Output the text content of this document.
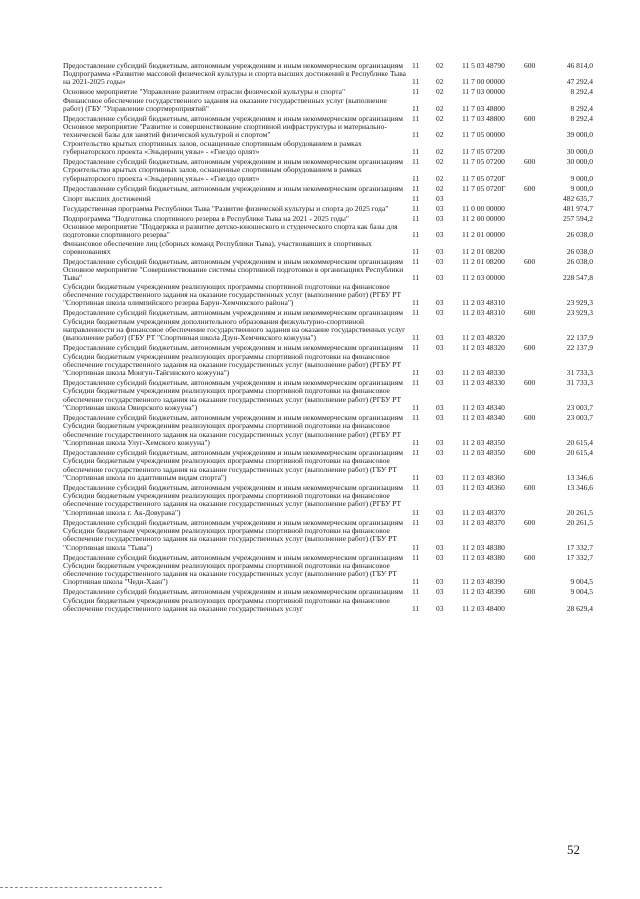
Предоставление субсидий бюджетным, автономным учреждениям и иным некоммерческим организациям	11	02	11 5 03 48790	600	46 814,0
Подпрограмма «Развитие массовой физической культуры и спорта высших достижений в Республике Тыва на 2021-2025 годы»	11	02	11 7 00 00000		47 292,4
Основное мероприятие "Управление развитием отрасли физической культуры и спорта"	11	02	11 7 03 00000		8 292,4
Финансовое обеспечение государственного задания на оказание государственных услуг (выполнение работ) (ГБУ "Управление спортмероприятий"	11	02	11 7 03 48800		8 292,4
Предоставление субсидий бюджетным, автономным учреждениям и иным некоммерческим организациям	11	02	11 7 03 48800	600	8 292,4
Основное мероприятие "Развитие и совершенствование спортивной инфраструктуры и материально-технической базы для занятий физической культурой и спортом"	11	02	11 7 05 00000		39 000,0
Строительство крытых спортивных залов, оснащенные спортивным оборудованием в рамках губернаторского проекта «Эньдерниң уязы» - «Гнездо орлят»	11	02	11 7 05 07200		30 000,0
Предоставление субсидий бюджетным, автономным учреждениям и иным некоммерческим организациям	11	02	11 7 05 07200	600	30 000,0
Строительство крытых спортивных залов, оснащенные спортивным оборудованием в рамках губернаторского проекта «Эньдерниң уязы» - «Гнездо орлят»	11	02	11 7 05 0720Г		9 000,0
Предоставление субсидий бюджетным, автономным учреждениям и иным некоммерческим организациям	11	02	11 7 05 0720Г	600	9 000,0
Спорт высших достижений	11	03			482 635,7
Государственная программа Республики Тыва "Развитие физической культуры и спорта до 2025 года"	11	03	11 0 00 00000		481 974,7
Подпрограмма "Подготовка спортивного резерва в Республике Тыва на 2021 - 2025 годы"	11	03	11 2 00 00000		257 594,2
Основное мероприятие "Поддержка и развитие детско-юношеского и студенческого спорта как базы для подготовки спортивного резерва"	11	03	11 2 01 00000		26 038,0
Финансовое обеспечение лиц (сборных команд Республики Тыва), участвовавших в спортивных соревнованиях	11	03	11 2 01 08200		26 038,0
Предоставление субсидий бюджетным, автономным учреждениям и иным некоммерческим организациям	11	03	11 2 01 08200	600	26 038,0
Основное мероприятие "Совершенствование системы спортивной подготовки в организациях Республики Тыва"	11	03	11 2 03 00000		228 547,8
Субсидии бюджетным учреждениям реализующих программы спортивной подготовки на финансовое обеспечение государственного задания на оказание государственных услуг (выполнение работ) (РГБУ РТ "Спортивная школа олимпийского резерва Барун-Хемчикского района")	11	03	11 2 03 48310		23 929,3
Предоставление субсидий бюджетным, автономным учреждениям и иным некоммерческим организациям	11	03	11 2 03 48310	600	23 929,3
Субсидии бюджетным учреждениям дополнительного образования физкультурно-спортивной направленности на финансовое обеспечение государственного задания на оказание государственных услуг (выполнение работ) (ГБУ РТ "Спортивная школа Дзун-Хемчикского кожууна")	11	03	11 2 03 48320		22 137,9
Предоставление субсидий бюджетным, автономным учреждениям и иным некоммерческим организациям	11	03	11 2 03 48320	600	22 137,9
Субсидии бюджетным учреждениям реализующих программы спортивной подготовки на финансовое обеспечение государственного задания на оказание государственных услуг (выполнение работ) (РГБУ РТ "Спортивная школа Монгун-Тайгинского кожууна")	11	03	11 2 03 48330		31 733,3
Предоставление субсидий бюджетным, автономным учреждениям и иным некоммерческим организациям	11	03	11 2 03 48330	600	31 733,3
Субсидии бюджетным учреждениям реализующих программы спортивной подготовки на финансовое обеспечение государственного задания на оказание государственных услуг (выполнение работ) (РГБУ РТ "Спортивная школа Овюрского кожууна")	11	03	11 2 03 48340		23 003,7
Предоставление субсидий бюджетным, автономным учреждениям и иным некоммерческим организациям	11	03	11 2 03 48340	600	23 003,7
Субсидии бюджетным учреждениям реализующих программы спортивной подготовки на финансовое обеспечение государственного задания на оказание государственных услуг (выполнение работ) (РГБУ РТ "Спортивная школа Улуг-Хемского кожууна")	11	03	11 2 03 48350		20 615,4
Предоставление субсидий бюджетным, автономным учреждениям и иным некоммерческим организациям	11	03	11 2 03 48350	600	20 615,4
Субсидии бюджетным учреждениям реализующих программы спортивной подготовки на финансовое обеспечение государственного задания на оказание государственных услуг (выполнение работ) (ГБУ РТ "Спортивная школа по адаптивным видам спорта")	11	03	11 2 03 48360		13 346,6
Предоставление субсидий бюджетным, автономным учреждениям и иным некоммерческим организациям	11	03	11 2 03 48360	600	13 346,6
Субсидии бюджетным учреждениям реализующих программы спортивной подготовки на финансовое обеспечение государственного задания на оказание государственных услуг (выполнение работ) (РГБУ РТ "Спортивная школа г. Ак-Довурака")	11	03	11 2 03 48370		20 261,5
Предоставление субсидий бюджетным, автономным учреждениям и иным некоммерческим организациям	11	03	11 2 03 48370	600	20 261,5
Субсидии бюджетным учреждениям реализующих программы спортивной подготовки на финансовое обеспечение государственного задания на оказание государственных услуг (выполнение работ) (ГБУ РТ "Спортивная школа "Тыва")	11	03	11 2 03 48380		17 332,7
Предоставление субсидий бюджетным, автономным учреждениям и иным некоммерческим организациям	11	03	11 2 03 48380	600	17 332,7
Субсидии бюджетным учреждениям реализующих программы спортивной подготовки на финансовое обеспечение государственного задания на оказание государственных услуг (выполнение работ) (ГБУ РТ Спортивная школа "Чеди-Хаан")	11	03	11 2 03 48390		9 004,5
Предоставление субсидий бюджетным, автономным учреждениям и иным некоммерческим организациям	11	03	11 2 03 48390	600	9 004,5
Субсидии бюджетным учреждениям реализующих программы спортивной подготовки на финансовое обеспечение государственного задания на оказание государственных услуг	11	03	11 2 03 48400		28 629,4
52
